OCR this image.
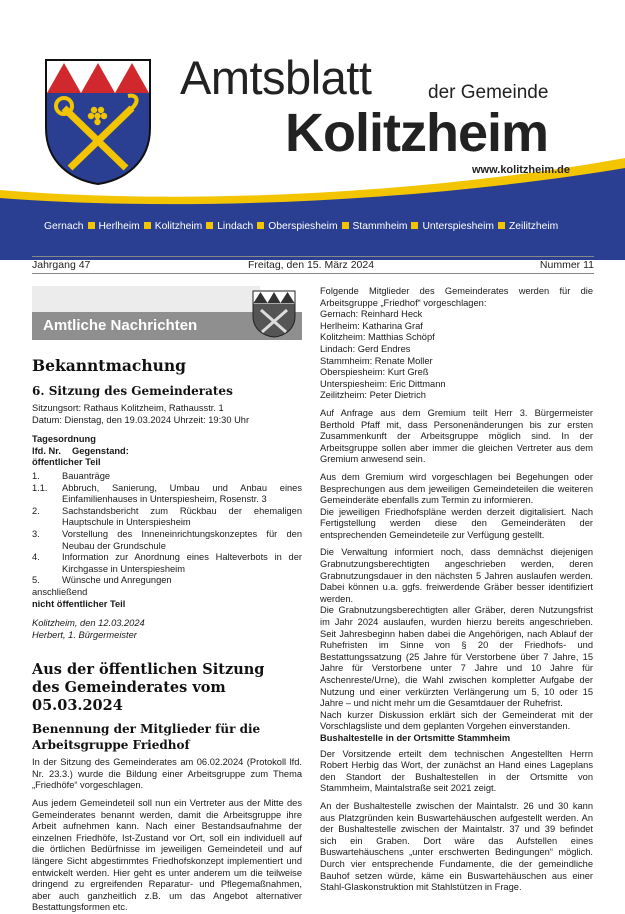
Amtsblatt	der Gemeinde
Kolitzheim
www.kolitzheim.de
Gernach Herlheim Kolitzheim Lindach Oberspiesheim Stammheim Unterspiesheim Zeilitzheim
Jahrgang 47	Freitag, den 15. März 2024	Nummer 11
Amtliche Nachrichten
Bekanntmachung
6. Sitzung des Gemeinderates
Sitzungsort: Rathaus Kolitzheim, Rathausstr. 1
Datum: Dienstag, den 19.03.2024 Uhrzeit: 19:30 Uhr
Tagesordnung
lfd. Nr. Gegenstand:
öffentlicher Teil
1. Bauanträge
1.1. Abbruch, Sanierung, Umbau und Anbau eines Einfamilienhauses in Unterspiesheim, Rosenstr. 3
2. Sachstandsbericht zum Rückbau der ehemaligen Hauptschule in Unterspiesheim
3. Vorstellung des Inneneinrichtungskonzeptes für den Neubau der Grundschule
4. Information zur Anordnung eines Halteverbots in der Kirchgasse in Unterspiesheim
5. Wünsche und Anregungen
anschließend
nicht öffentlicher Teil
Kolitzheim, den 12.03.2024
Herbert, 1. Bürgermeister
Aus der öffentlichen Sitzung
des Gemeinderates vom 05.03.2024
Benennung der Mitglieder für die
Arbeitsgruppe Friedhof
In der Sitzung des Gemeinderates am 06.02.2024 (Protokoll lfd. Nr. 23.3.) wurde die Bildung einer Arbeitsgruppe zum Thema „Friedhöfe“ vorgeschlagen.
Aus jedem Gemeindeteil soll nun ein Vertreter aus der Mitte des Gemeinderates benannt werden, damit die Arbeitsgruppe ihre Arbeit aufnehmen kann. Nach einer Bestandsaufnahme der einzelnen Friedhöfe, Ist-Zustand vor Ort, soll ein individuell auf die örtlichen Bedürfnisse im jeweiligen Gemeindeteil und auf längere Sicht abgestimmtes Friedhofskonzept implementiert und entwickelt werden. Hier geht es unter anderem um die teilweise dringend zu ergreifenden Reparatur- und Pflegemaßnahmen, aber auch ganzheitlich z.B. um das Angebot alternativer Bestattungsformen etc.
Folgende Mitglieder des Gemeinderates werden für die Arbeitsgruppe „Friedhof“ vorgeschlagen:
Gernach: Reinhard Heck
Herlheim: Katharina Graf
Kolitzheim: Matthias Schöpf
Lindach: Gerd Endres
Stammheim: Renate Moller
Oberspiesheim: Kurt Greß
Unterspiesheim: Eric Dittmann
Zeilitzheim: Peter Dietrich
Auf Anfrage aus dem Gremium teilt Herr 3. Bürgermeister Berthold Pfaff mit, dass Personenänderungen bis zur ersten Zusammenkunft der Arbeitsgruppe möglich sind. In der Arbeitsgruppe sollen aber immer die gleichen Vertreter aus dem Gremium anwesend sein.
Aus dem Gremium wird vorgeschlagen bei Begehungen oder Besprechungen aus dem jeweiligen Gemeindeteilen die weiteren Gemeinderäte ebenfalls zum Termin zu informieren.
Die jeweiligen Friedhofspläne werden derzeit digitalisiert. Nach Fertigstellung werden diese den Gemeinderäten der entsprechenden Gemeindeteile zur Verfügung gestellt.
Die Verwaltung informiert noch, dass demnächst diejenigen Grabnutzungsberechtigten angeschrieben werden, deren Grabnutzungsdauer in den nächsten 5 Jahren auslaufen werden. Dabei können u.a. ggfs. freiwerdende Gräber besser identifiziert werden.
Die Grabnutzungsberechtigten aller Gräber, deren Nutzungsfrist im Jahr 2024 auslaufen, wurden hierzu bereits angeschrieben. Seit Jahresbeginn haben dabei die Angehörigen, nach Ablauf der Ruhefristen im Sinne von § 20 der Friedhofs- und Bestattungssatzung (25 Jahre für Verstorbene über 7 Jahre, 15 Jahre für Verstorbene unter 7 Jahre und 10 Jahre für Aschenreste/Urne), die Wahl zwischen kompletter Aufgabe der Nutzung und einer verkürzten Verlängerung um 5, 10 oder 15 Jahre – und nicht mehr um die Gesamtdauer der Ruhefrist.
Nach kurzer Diskussion erklärt sich der Gemeinderat mit der Vorschlagsliste und dem geplanten Vorgehen einverstanden.
Bushaltestelle in der Ortsmitte Stammheim
Der Vorsitzende erteilt dem technischen Angestellten Herrn Robert Herbig das Wort, der zunächst an Hand eines Lageplans den Standort der Bushaltestellen in der Ortsmitte von Stammheim, Maintalstraße seit 2021 zeigt.
An der Bushaltestelle zwischen der Maintalstr. 26 und 30 kann aus Platzgründen kein Buswartehäuschen aufgestellt werden. An der Bushaltestelle zwischen der Maintalstr. 37 und 39 befindet sich ein Graben. Dort wäre das Aufstellen eines Buswartehäuschens „unter erschwerten Bedingungen“ möglich. Durch vier entsprechende Fundamente, die der gemeindliche Bauhof setzen würde, käme ein Buswartehäuschen aus einer Stahl-Glaskonstruktion mit Stahlstützen in Frage.
